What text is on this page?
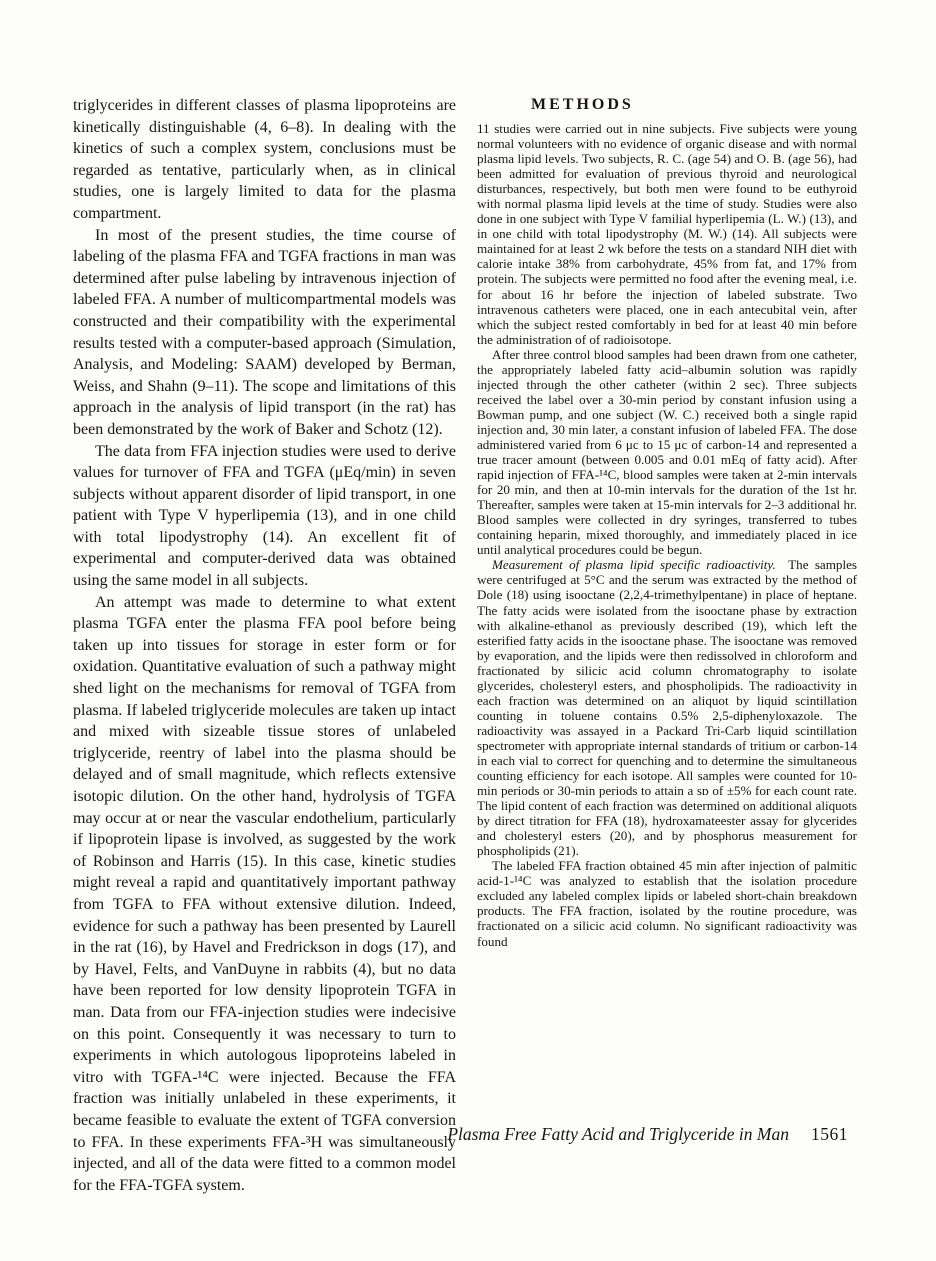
triglycerides in different classes of plasma lipoproteins are kinetically distinguishable (4, 6–8). In dealing with the kinetics of such a complex system, conclusions must be regarded as tentative, particularly when, as in clinical studies, one is largely limited to data for the plasma compartment.

In most of the present studies, the time course of labeling of the plasma FFA and TGFA fractions in man was determined after pulse labeling by intravenous injection of labeled FFA. A number of multicompartmental models was constructed and their compatibility with the experimental results tested with a computer-based approach (Simulation, Analysis, and Modeling: SAAM) developed by Berman, Weiss, and Shahn (9–11). The scope and limitations of this approach in the analysis of lipid transport (in the rat) has been demonstrated by the work of Baker and Schotz (12).

The data from FFA injection studies were used to derive values for turnover of FFA and TGFA (μEq/min) in seven subjects without apparent disorder of lipid transport, in one patient with Type V hyperlipemia (13), and in one child with total lipodystrophy (14). An excellent fit of experimental and computer-derived data was obtained using the same model in all subjects.

An attempt was made to determine to what extent plasma TGFA enter the plasma FFA pool before being taken up into tissues for storage in ester form or for oxidation. Quantitative evaluation of such a pathway might shed light on the mechanisms for removal of TGFA from plasma. If labeled triglyceride molecules are taken up intact and mixed with sizeable tissue stores of unlabeled triglyceride, reentry of label into the plasma should be delayed and of small magnitude, which reflects extensive isotopic dilution. On the other hand, hydrolysis of TGFA may occur at or near the vascular endothelium, particularly if lipoprotein lipase is involved, as suggested by the work of Robinson and Harris (15). In this case, kinetic studies might reveal a rapid and quantitatively important pathway from TGFA to FFA without extensive dilution. Indeed, evidence for such a pathway has been presented by Laurell in the rat (16), by Havel and Fredrickson in dogs (17), and by Havel, Felts, and VanDuyne in rabbits (4), but no data have been reported for low density lipoprotein TGFA in man. Data from our FFA-injection studies were indecisive on this point. Consequently it was necessary to turn to experiments in which autologous lipoproteins labeled in vitro with TGFA-¹⁴C were injected. Because the FFA fraction was initially unlabeled in these experiments, it became feasible to evaluate the extent of TGFA conversion to FFA. In these experiments FFA-³H was simultaneously injected, and all of the data were fitted to a common model for the FFA-TGFA system.

METHODS

11 studies were carried out in nine subjects. Five subjects were young normal volunteers with no evidence of organic disease and with normal plasma lipid levels. Two subjects, R. C. (age 54) and O. B. (age 56), had been admitted for evaluation of previous thyroid and neurological disturbances, respectively, but both men were found to be euthyroid with normal plasma lipid levels at the time of study. Studies were also done in one subject with Type V familial hyperlipemia (L. W.) (13), and in one child with total lipodystrophy (M. W.) (14). All subjects were maintained for at least 2 wk before the tests on a standard NIH diet with calorie intake 38% from carbohydrate, 45% from fat, and 17% from protein. The subjects were permitted no food after the evening meal, i.e. for about 16 hr before the injection of labeled substrate. Two intravenous catheters were placed, one in each antecubital vein, after which the subject rested comfortably in bed for at least 40 min before the administration of of radioisotope.

After three control blood samples had been drawn from one catheter, the appropriately labeled fatty acid–albumin solution was rapidly injected through the other catheter (within 2 sec). Three subjects received the label over a 30-min period by constant infusion using a Bowman pump, and one subject (W. C.) received both a single rapid injection and, 30 min later, a constant infusion of labeled FFA. The dose administered varied from 6 μc to 15 μc of carbon-14 and represented a true tracer amount (between 0.005 and 0.01 mEq of fatty acid). After rapid injection of FFA-¹⁴C, blood samples were taken at 2-min intervals for 20 min, and then at 10-min intervals for the duration of the 1st hr. Thereafter, samples were taken at 15-min intervals for 2–3 additional hr. Blood samples were collected in dry syringes, transferred to tubes containing heparin, mixed thoroughly, and immediately placed in ice until analytical procedures could be begun.

Measurement of plasma lipid specific radioactivity. The samples were centrifuged at 5°C and the serum was extracted by the method of Dole (18) using isooctane (2,2,4-trimethylpentane) in place of heptane. The fatty acids were isolated from the isooctane phase by extraction with alkaline-ethanol as previously described (19), which left the esterified fatty acids in the isooctane phase. The isooctane was removed by evaporation, and the lipids were then redissolved in chloroform and fractionated by silicic acid column chromatography to isolate glycerides, cholesteryl esters, and phospholipids. The radioactivity in each fraction was determined on an aliquot by liquid scintillation counting in toluene contains 0.5% 2,5-diphenyloxazole. The radioactivity was assayed in a Packard Tri-Carb liquid scintillation spectrometer with appropriate internal standards of tritium or carbon-14 in each vial to correct for quenching and to determine the simultaneous counting efficiency for each isotope. All samples were counted for 10-min periods or 30-min periods to attain a sᴅ of ±5% for each count rate. The lipid content of each fraction was determined on additional aliquots by direct titration for FFA (18), hydroxamateester assay for glycerides and cholesteryl esters (20), and by phosphorus measurement for phospholipids (21).

The labeled FFA fraction obtained 45 min after injection of palmitic acid-1-¹⁴C was analyzed to establish that the isolation procedure excluded any labeled complex lipids or labeled short-chain breakdown products. The FFA fraction, isolated by the routine procedure, was fractionated on a silicic acid column. No significant radioactivity was found

Plasma Free Fatty Acid and Triglyceride in Man 1561
